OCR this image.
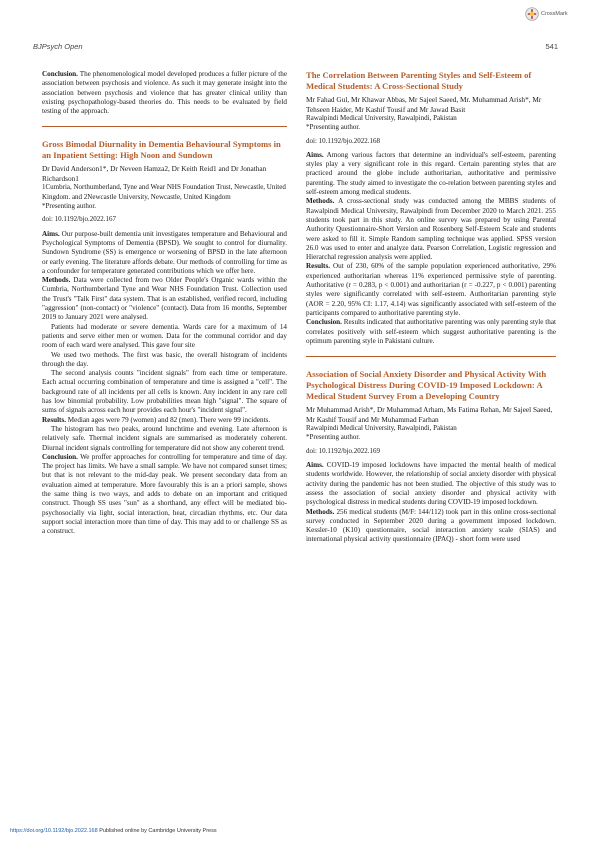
BJPsych Open	541
CrossMark

Conclusion. The phenomenological model developed produces a fuller picture of the association between psychosis and violence. As such it may generate insight into the association between psychosis and violence that has greater clinical utility than existing psychopathology-based theories do. This needs to be evaluated by field testing of the approach.

Gross Bimodal Diurnality in Dementia Behavioural Symptoms in an Inpatient Setting: High Noon and Sundown
Dr David Anderson1*, Dr Neveen Hamza2, Dr Keith Reid1 and Dr Jonathan Richardson1
1Cumbria, Northumberland, Tyne and Wear NHS Foundation Trust, Newcastle, United Kingdom. and 2Newcastle University, Newcastle, United Kingdom
*Presenting author.
doi: 10.1192/bjo.2022.167

Aims. Our purpose-built dementia unit investigates temperature and Behavioural and Psychological Symptoms of Dementia (BPSD). We sought to control for diurnality. Sundown Syndrome (SS) is emergence or worsening of BPSD in the late afternoon or early evening. The literature affords debate. Our methods of controlling for time as a confounder for temperature generated contributions which we offer here.

Methods. Data were collected from two Older People's Organic wards within the Cumbria, Northumberland Tyne and Wear NHS Foundation Trust. Collection used the Trust's "Talk First" data system. That is an established, verified record, including "aggression" (non-contact) or "violence" (contact). Data from 16 months, September 2019 to January 2021 were analysed.

Patients had moderate or severe dementia. Wards care for a maximum of 14 patients and serve either men or women. Data for the communal corridor and day room of each ward were analysed. This gave four site

We used two methods. The first was basic, the overall histogram of incidents through the day.

The second analysis counts "incident signals" from each time or temperature. Each actual occurring combination of temperature and time is assigned a "cell". The background rate of all incidents per all cells is known. Any incident in any rare cell has low binomial probability. Low probabilities mean high "signal". The square of sums of signals across each hour provides each hour's "incident signal".

Results. Median ages were 79 (women) and 82 (men). There were 99 incidents.

The histogram has two peaks, around lunchtime and evening. Late afternoon is relatively safe. Thermal incident signals are summarised as moderately coherent. Diurnal incident signals controlling for temperature did not show any coherent trend.

Conclusion. We proffer approaches for controlling for temperature and time of day. The project has limits. We have a small sample. We have not compared sunset times; but that is not relevant to the mid-day peak. We present secondary data from an evaluation aimed at temperature. More favourably this is an a priori sample, shows the same thing is two ways, and adds to debate on an important and critiqued construct. Though SS uses "sun" as a shorthand, any effect will be mediated bio-psychosocially via light, social interaction, heat, circadian rhythms, etc. Our data support social interaction more than time of day. This may add to or challenge SS as a construct.

The Correlation Between Parenting Styles and Self-Esteem of Medical Students: A Cross-Sectional Study
Mr Fahad Gul, Mr Khawar Abbas, Mr Sajeel Saeed, Mr. Muhammad Arish*, Mr Tehseen Haider, Mr Kashif Tousif and Mr Jawad Basit
Rawalpindi Medical University, Rawalpindi, Pakistan
*Presenting author.
doi: 10.1192/bjo.2022.168

Aims. Among various factors that determine an individual's self-esteem, parenting styles play a very significant role in this regard. Certain parenting styles that are practiced around the globe include authoritarian, authoritative and permissive parenting. The study aimed to investigate the co-relation between parenting styles and self-esteem among medical students.

Methods. A cross-sectional study was conducted among the MBBS students of Rawalpindi Medical University, Rawalpindi from December 2020 to March 2021. 255 students took part in this study. An online survey was prepared by using Parental Authority Questionnaire-Short Version and Rosenberg Self-Esteem Scale and students were asked to fill it. Simple Random sampling technique was applied. SPSS version 26.0 was used to enter and analyze data. Pearson Correlation, Logistic regression and Hierarchal regression analysis were applied.

Results. Out of 230, 60% of the sample population experienced authoritative, 29% experienced authoritarian whereas 11% experienced permissive style of parenting. Authoritative (r = 0.283, p < 0.001) and authoritarian (r = -0.227, p < 0.001) parenting styles were significantly correlated with self-esteem. Authoritarian parenting style (AOR = 2.20, 95% CI: 1.17, 4.14) was significantly associated with self-esteem of the participants compared to authoritative parenting style.

Conclusion. Results indicated that authoritative parenting was only parenting style that correlates positively with self-esteem which suggest authoritative parenting is the optimum parenting style in Pakistani culture.

Association of Social Anxiety Disorder and Physical Activity With Psychological Distress During COVID-19 Imposed Lockdown: A Medical Student Survey From a Developing Country
Mr Muhammad Arish*, Dr Muhammad Arham, Ms Fatima Rehan, Mr Sajeel Saeed, Mr Kashif Tousif and Mr Muhammad Farhan
Rawalpindi Medical University, Rawalpindi, Pakistan
*Presenting author.
doi: 10.1192/bjo.2022.169

Aims. COVID-19 imposed lockdowns have impacted the mental health of medical students worldwide. However, the relationship of social anxiety disorder with physical activity during the pandemic has not been studied. The objective of this study was to assess the association of social anxiety disorder and physical activity with psychological distress in medical students during COVID-19 imposed lockdown.

Methods. 256 medical students (M/F: 144/112) took part in this online cross-sectional survey conducted in September 2020 during a government imposed lockdown. Kessler-10 (K10) questionnaire, social interaction anxiety scale (SIAS) and international physical activity questionnaire (IPAQ) - short form were used

https://doi.org/10.1192/bjo.2022.168 Published online by Cambridge University Press
